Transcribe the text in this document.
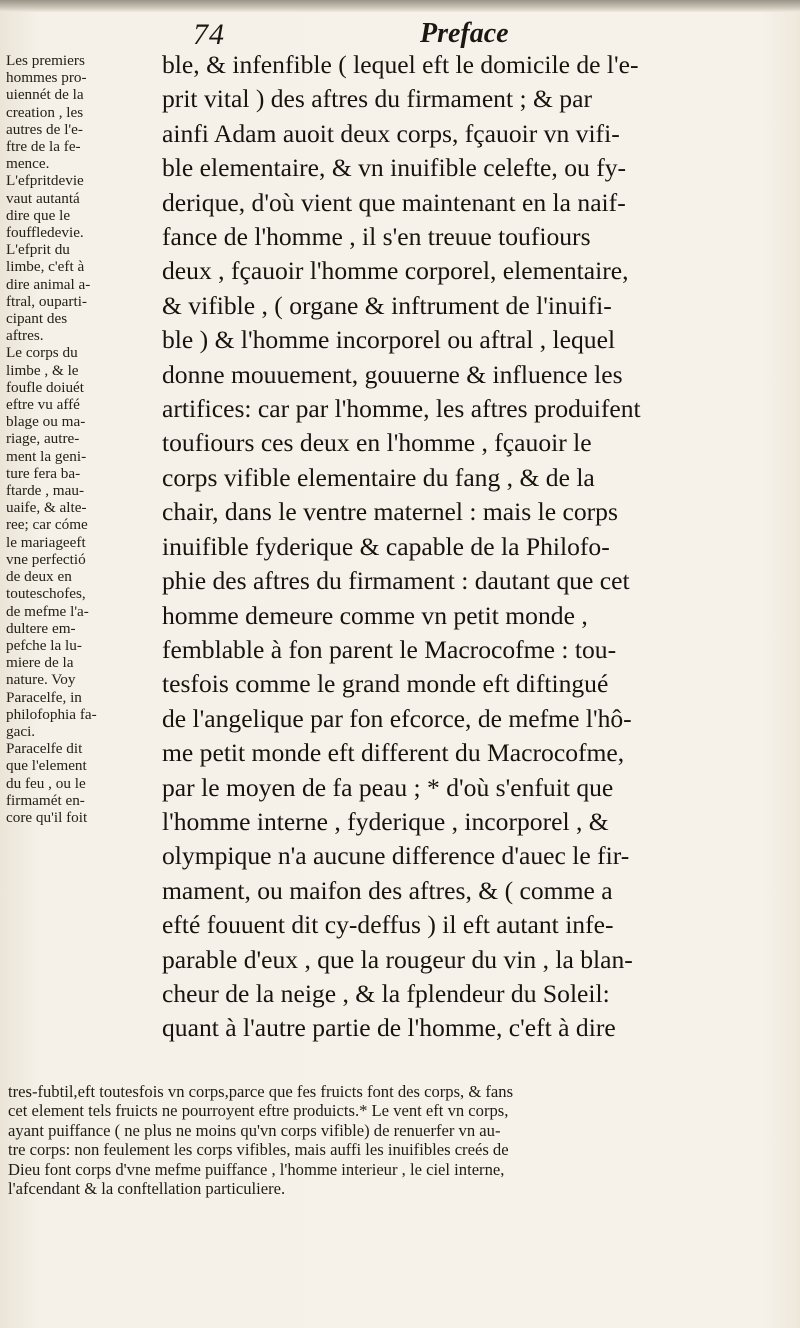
74	Preface
Les premiers
hommes pro-
uiennét de la
creation , les
autres de l'e-
ftre de la fe-
mence.
L'efpritdevie
vaut autantá
dire que le
fouffledevie.
L'efprit du
limbe, c'eft à
dire animal a-
ftral, ouparti-
cipant des
aftres.
Le corps du
limbe , & le
foufle doiuét
eftre vu affé
blage ou ma-
riage, autre-
ment la geni-
ture fera ba-
ftarde , mau-
uaife, & alte-
ree; car cóme
le mariageeft
vne perfectió
de deux en
touteschofes,
de mefme l'a-
dultere em-
pefche la lu-
miere de la
nature. Voy
Paracelfe, in
philofophia fa-
gaci.
Paracelfe dit
que l'element
du feu , ou le
firmamét en-
core qu'il foit
ble, & infenfible ( lequel eft le domicile de l'e-
prit vital ) des aftres du firmament ; & par
ainfi Adam auoit deux corps, fçauoir vn vifi-
ble elementaire, & vn inuifible celefte, ou fy-
derique, d'où vient que maintenant en la naif-
fance de l'homme , il s'en treuue toufiours
deux , fçauoir l'homme corporel, elementaire,
& vifible , ( organe & inftrument de l'inuifi-
ble ) & l'homme incorporel ou aftral , lequel
donne mouuement, gouuerne & influence les
artifices: car par l'homme, les aftres produifent
toufiours ces deux en l'homme , fçauoir le
corps vifible elementaire du fang , & de la
chair, dans le ventre maternel : mais le corps
inuifible fyderique & capable de la Philofo-
phie des aftres du firmament : dautant que cet
homme demeure comme vn petit monde ,
femblable à fon parent le Macrocofme : tou-
tesfois comme le grand monde eft diftingué
de l'angelique par fon efcorce, de mefme l'hô-
me petit monde eft different du Macrocofme,
par le moyen de fa peau ; * d'où s'enfuit que
l'homme interne , fyderique , incorporel , &
olympique n'a aucune difference d'auec le fir-
mament, ou maifon des aftres, & ( comme a
efté fouuent dit cy-deffus ) il eft autant infe-
parable d'eux , que la rougeur du vin , la blan-
cheur de la neige , & la fplendeur du Soleil:
quant à l'autre partie de l'homme, c'eft à dire
tres-fubtil,eft toutesfois vn corps,parce que fes fruicts font des corps, & fans
cet element tels fruicts ne pourroyent eftre produicts.* Le vent eft vn corps,
ayant puiffance ( ne plus ne moins qu'vn corps vifible) de renuerfer vn au-
tre corps: non feulement les corps vifibles, mais auffi les inuifibles creés de
Dieu font corps d'vne mefme puiffance , l'homme interieur , le ciel interne,
l'afcendant & la conftellation particuliere.
